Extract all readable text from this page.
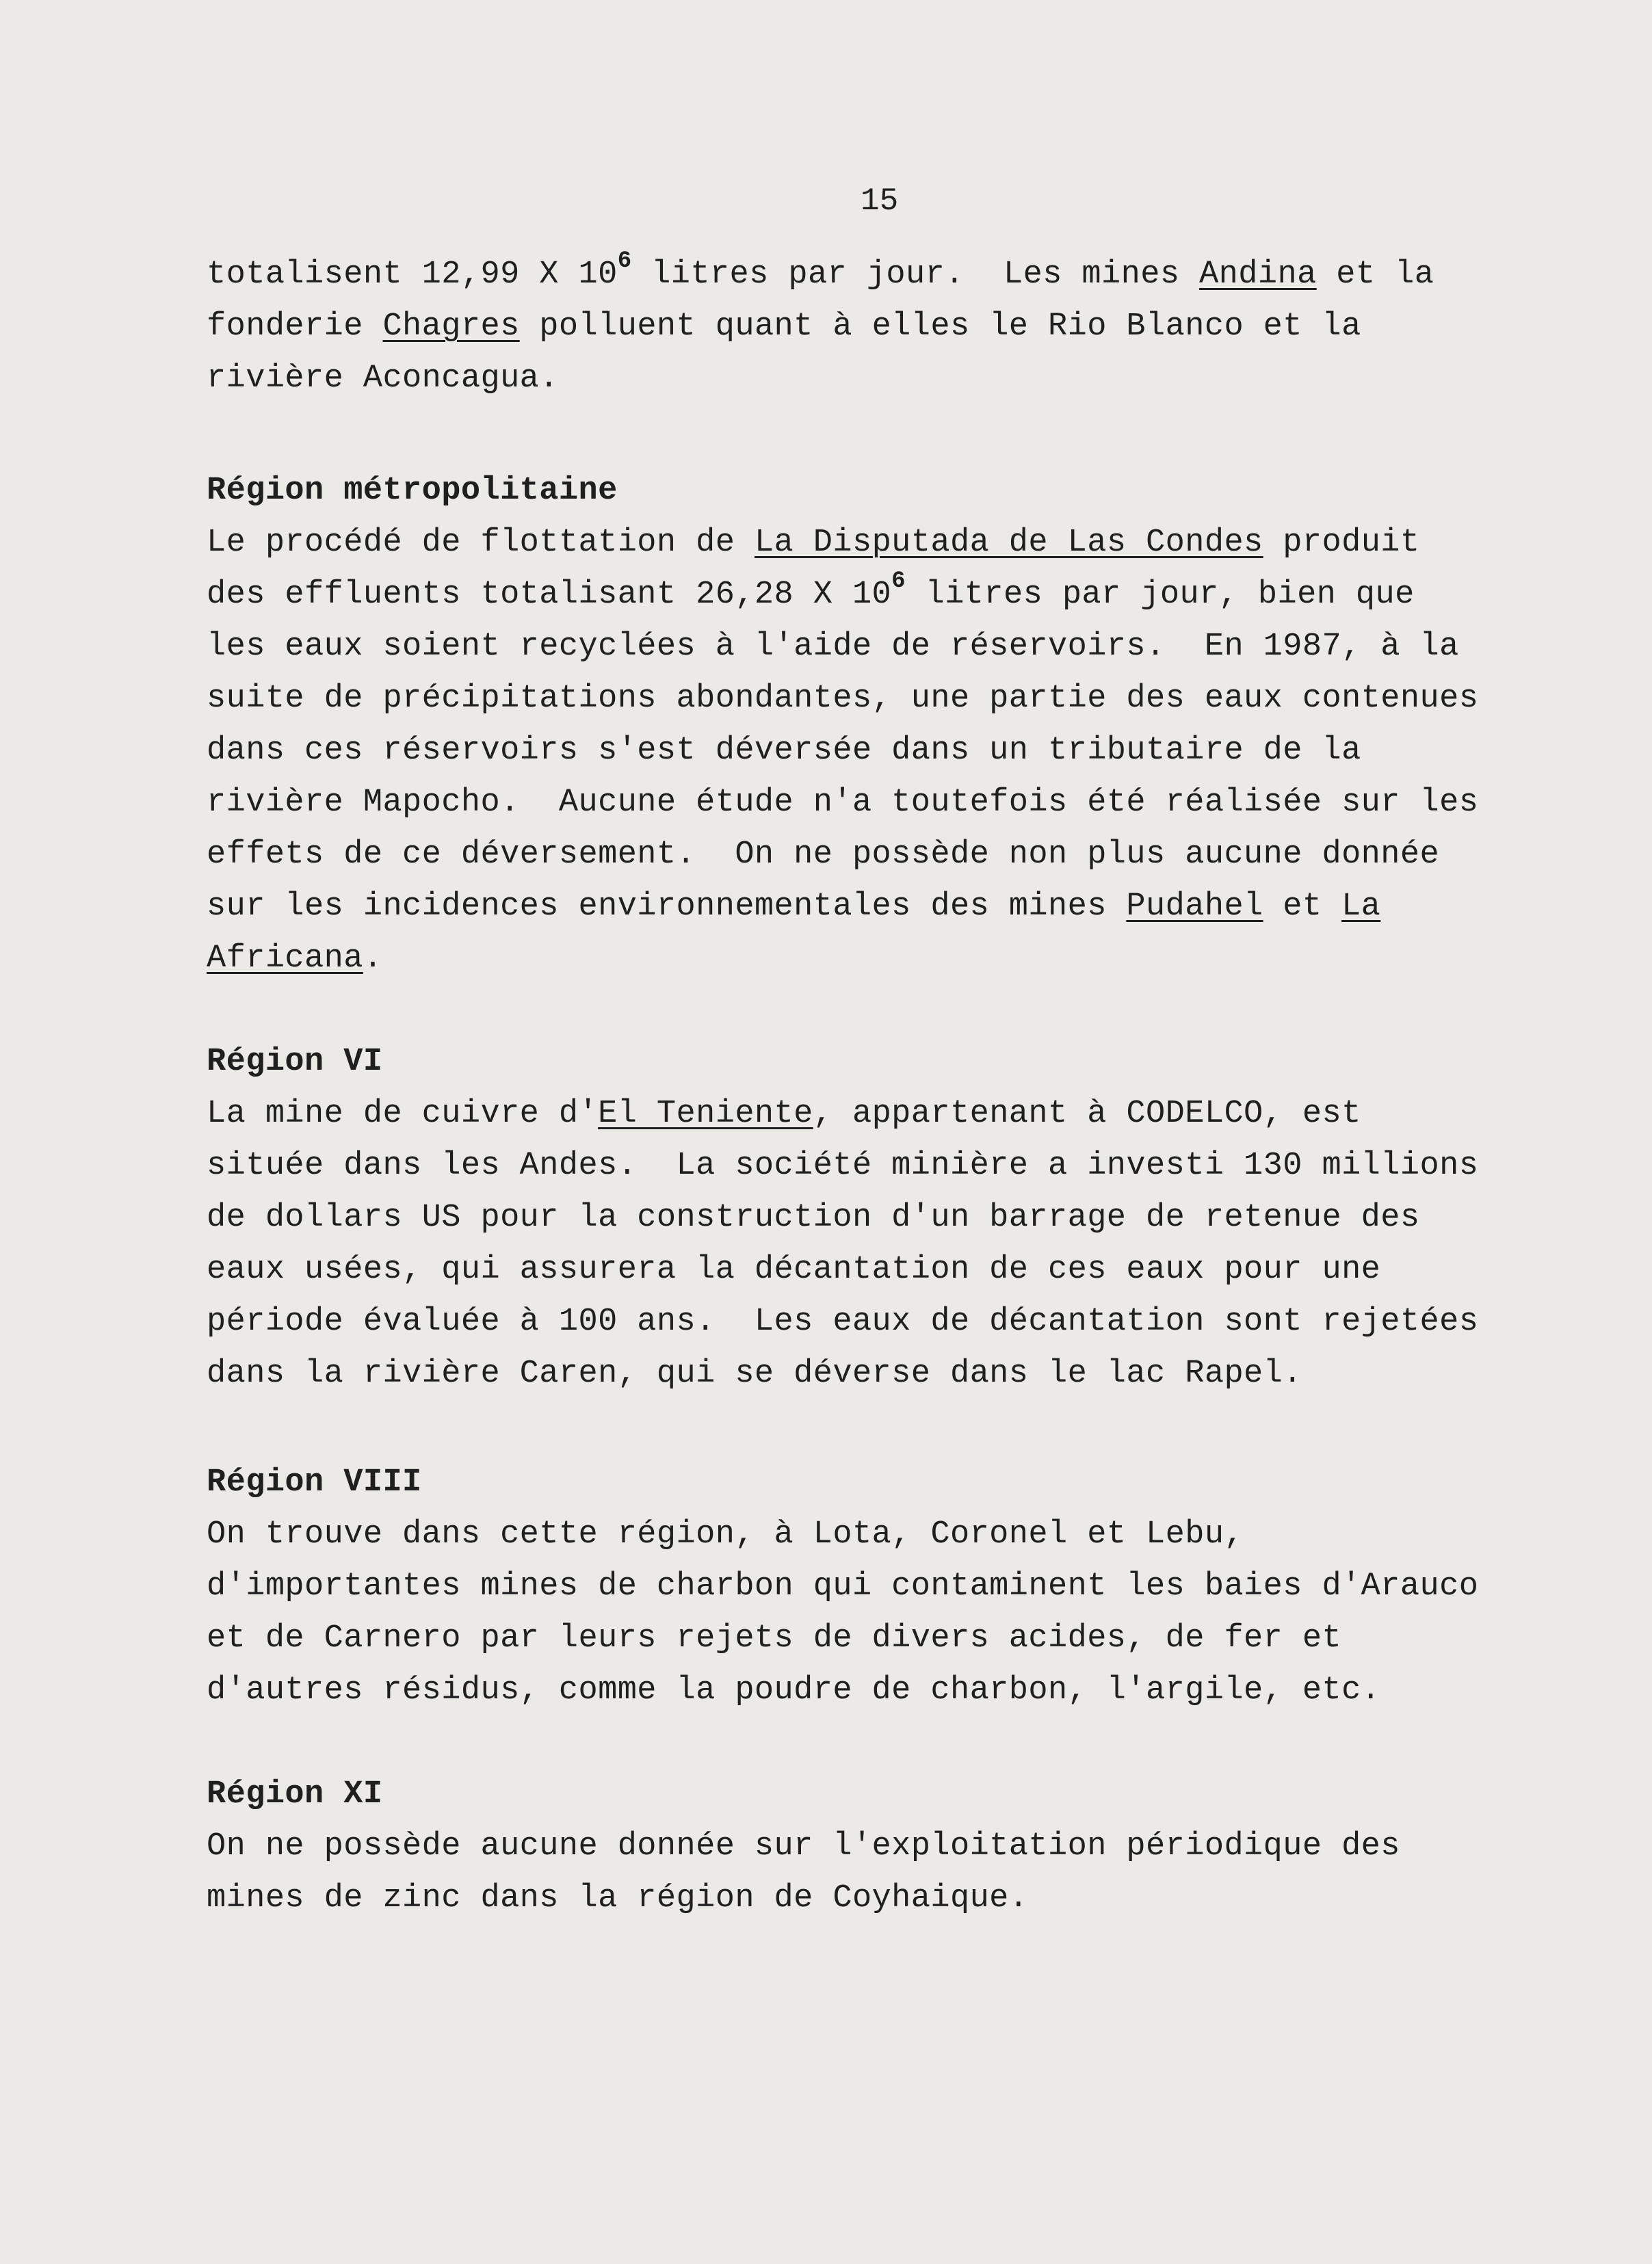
15
totalisent 12,99 X $10^6$ litres par jour.  Les mines Andina et la
fonderie Chagres polluent quant à elles le Rio Blanco et la
rivière Aconcagua.
Région métropolitaine
Le procédé de flottation de La Disputada de Las Condes produit
des effluents totalisant 26,28 X $10^6$ litres par jour, bien que
les eaux soient recyclées à l'aide de réservoirs.  En 1987, à la
suite de précipitations abondantes, une partie des eaux contenues
dans ces réservoirs s'est déversée dans un tributaire de la
rivière Mapocho.  Aucune étude n'a toutefois été réalisée sur les
effets de ce déversement.  On ne possède non plus aucune donnée
sur les incidences environnementales des mines Pudahel et La
Africana.
Région VI
La mine de cuivre d'El Teniente, appartenant à CODELCO, est
située dans les Andes.  La société minière a investi 130 millions
de dollars US pour la construction d'un barrage de retenue des
eaux usées, qui assurera la décantation de ces eaux pour une
période évaluée à 100 ans.  Les eaux de décantation sont rejetées
dans la rivière Caren, qui se déverse dans le lac Rapel.
Région VIII
On trouve dans cette région, à Lota, Coronel et Lebu,
d'importantes mines de charbon qui contaminent les baies d'Arauco
et de Carnero par leurs rejets de divers acides, de fer et
d'autres résidus, comme la poudre de charbon, l'argile, etc.
Région XI
On ne possède aucune donnée sur l'exploitation périodique des
mines de zinc dans la région de Coyhaique.
